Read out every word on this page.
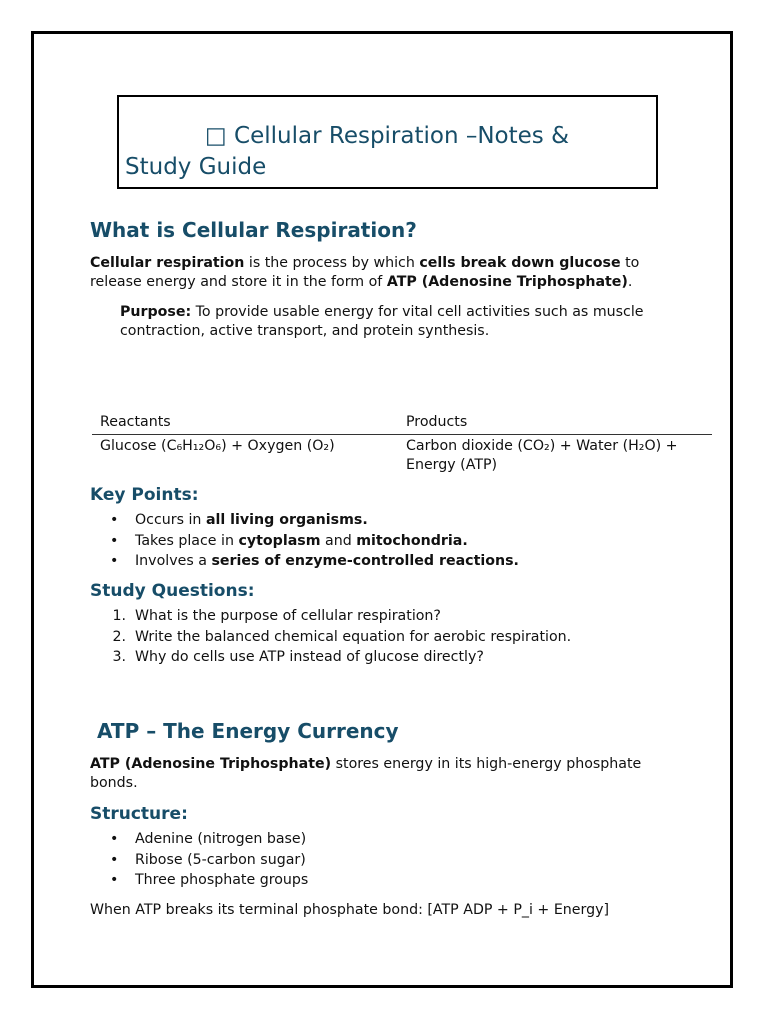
□ Cellular Respiration –Notes &
Study Guide
What is Cellular Respiration?
Cellular respiration is the process by which cells break down glucose to release energy and store it in the form of ATP (Adenosine Triphosphate).
Purpose: To provide usable energy for vital cell activities such as muscle contraction, active transport, and protein synthesis.
Reactants	Products
Glucose (C₆H₁₂O₆) + Oxygen (O₂)	Carbon dioxide (CO₂) + Water (H₂O) + Energy (ATP)
Key Points:
• Occurs in all living organisms.
• Takes place in cytoplasm and mitochondria.
• Involves a series of enzyme-controlled reactions.
Study Questions:
1. What is the purpose of cellular respiration?
2. Write the balanced chemical equation for aerobic respiration.
3. Why do cells use ATP instead of glucose directly?
ATP – The Energy Currency
ATP (Adenosine Triphosphate) stores energy in its high-energy phosphate bonds.
Structure:
• Adenine (nitrogen base)
• Ribose (5-carbon sugar)
• Three phosphate groups
When ATP breaks its terminal phosphate bond: [ATP ADP + P_i + Energy]
